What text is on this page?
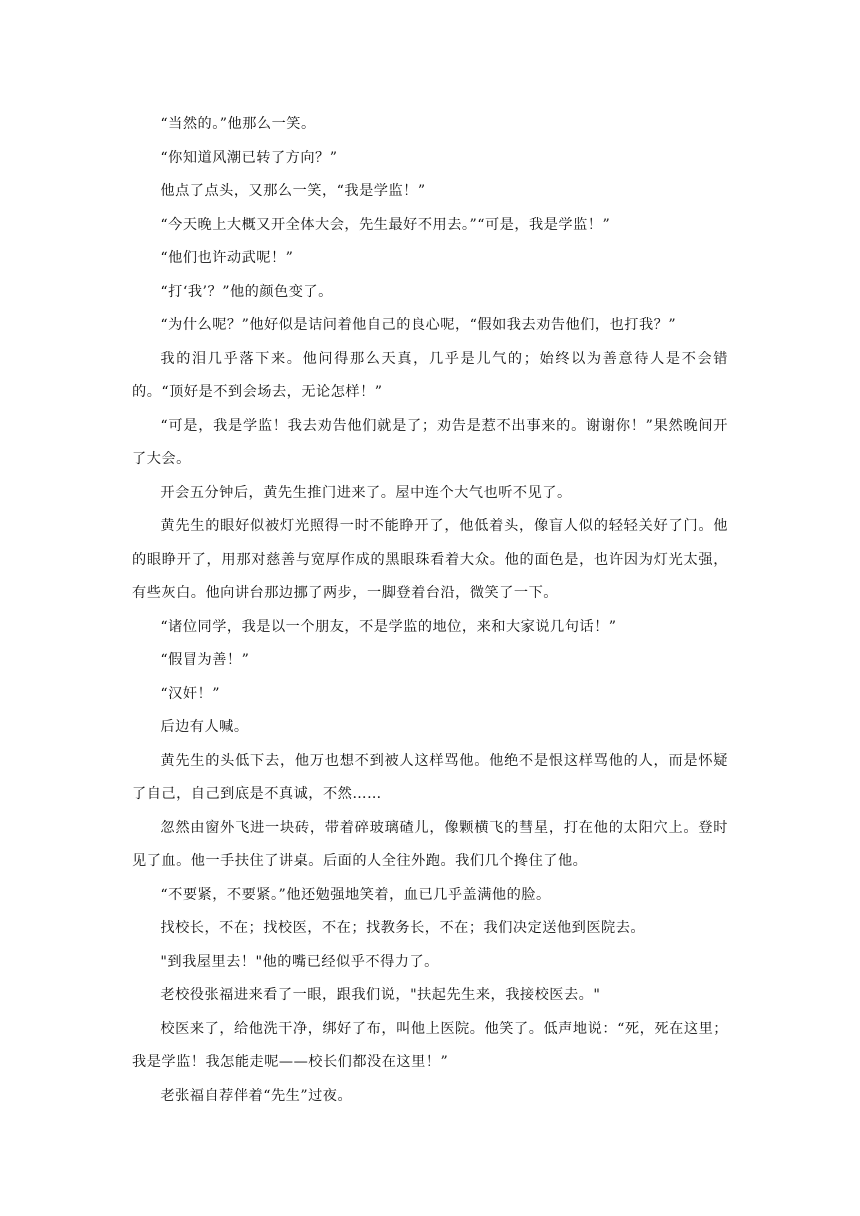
“当然的。”他那么一笑。

“你知道风潮已转了方向？”

他点了点头，又那么一笑，“我是学监！”

“今天晚上大概又开全体大会，先生最好不用去。”“可是，我是学监！”

“他们也许动武呢！”

“打‘我’？”他的颜色变了。

“为什么呢？”他好似是诘问着他自己的良心呢，“假如我去劝告他们，也打我？”

我的泪几乎落下来。他问得那么天真，几乎是儿气的；始终以为善意待人是不会错的。“顶好是不到会场去，无论怎样！”

“可是，我是学监！我去劝告他们就是了；劝告是惹不出事来的。谢谢你！”果然晚间开了大会。

开会五分钟后，黄先生推门进来了。屋中连个大气也听不见了。

黄先生的眼好似被灯光照得一时不能睁开了，他低着头，像盲人似的轻轻关好了门。他的眼睁开了，用那对慈善与宽厚作成的黑眼珠看着大众。他的面色是，也许因为灯光太强，有些灰白。他向讲台那边挪了两步，一脚登着台沿，微笑了一下。

“诸位同学，我是以一个朋友，不是学监的地位，来和大家说几句话！”

“假冒为善！”

“汉奸！”

后边有人喊。

黄先生的头低下去，他万也想不到被人这样骂他。他绝不是恨这样骂他的人，而是怀疑了自己，自己到底是不真诚，不然……

忽然由窗外飞进一块砖，带着碎玻璃碴儿，像颗横飞的彗星，打在他的太阳穴上。登时见了血。他一手扶住了讲桌。后面的人全往外跑。我们几个搀住了他。

“不要紧，不要紧。”他还勉强地笑着，血已几乎盖满他的脸。

找校长，不在；找校医，不在；找教务长，不在；我们决定送他到医院去。

"到我屋里去！"他的嘴已经似乎不得力了。

老校役张福进来看了一眼，跟我们说，"扶起先生来，我接校医去。"

校医来了，给他洗干净，绑好了布，叫他上医院。他笑了。低声地说：“死，死在这里；我是学监！我怎能走呢——校长们都没在这里！”

老张福自荐伴着“先生”过夜。
